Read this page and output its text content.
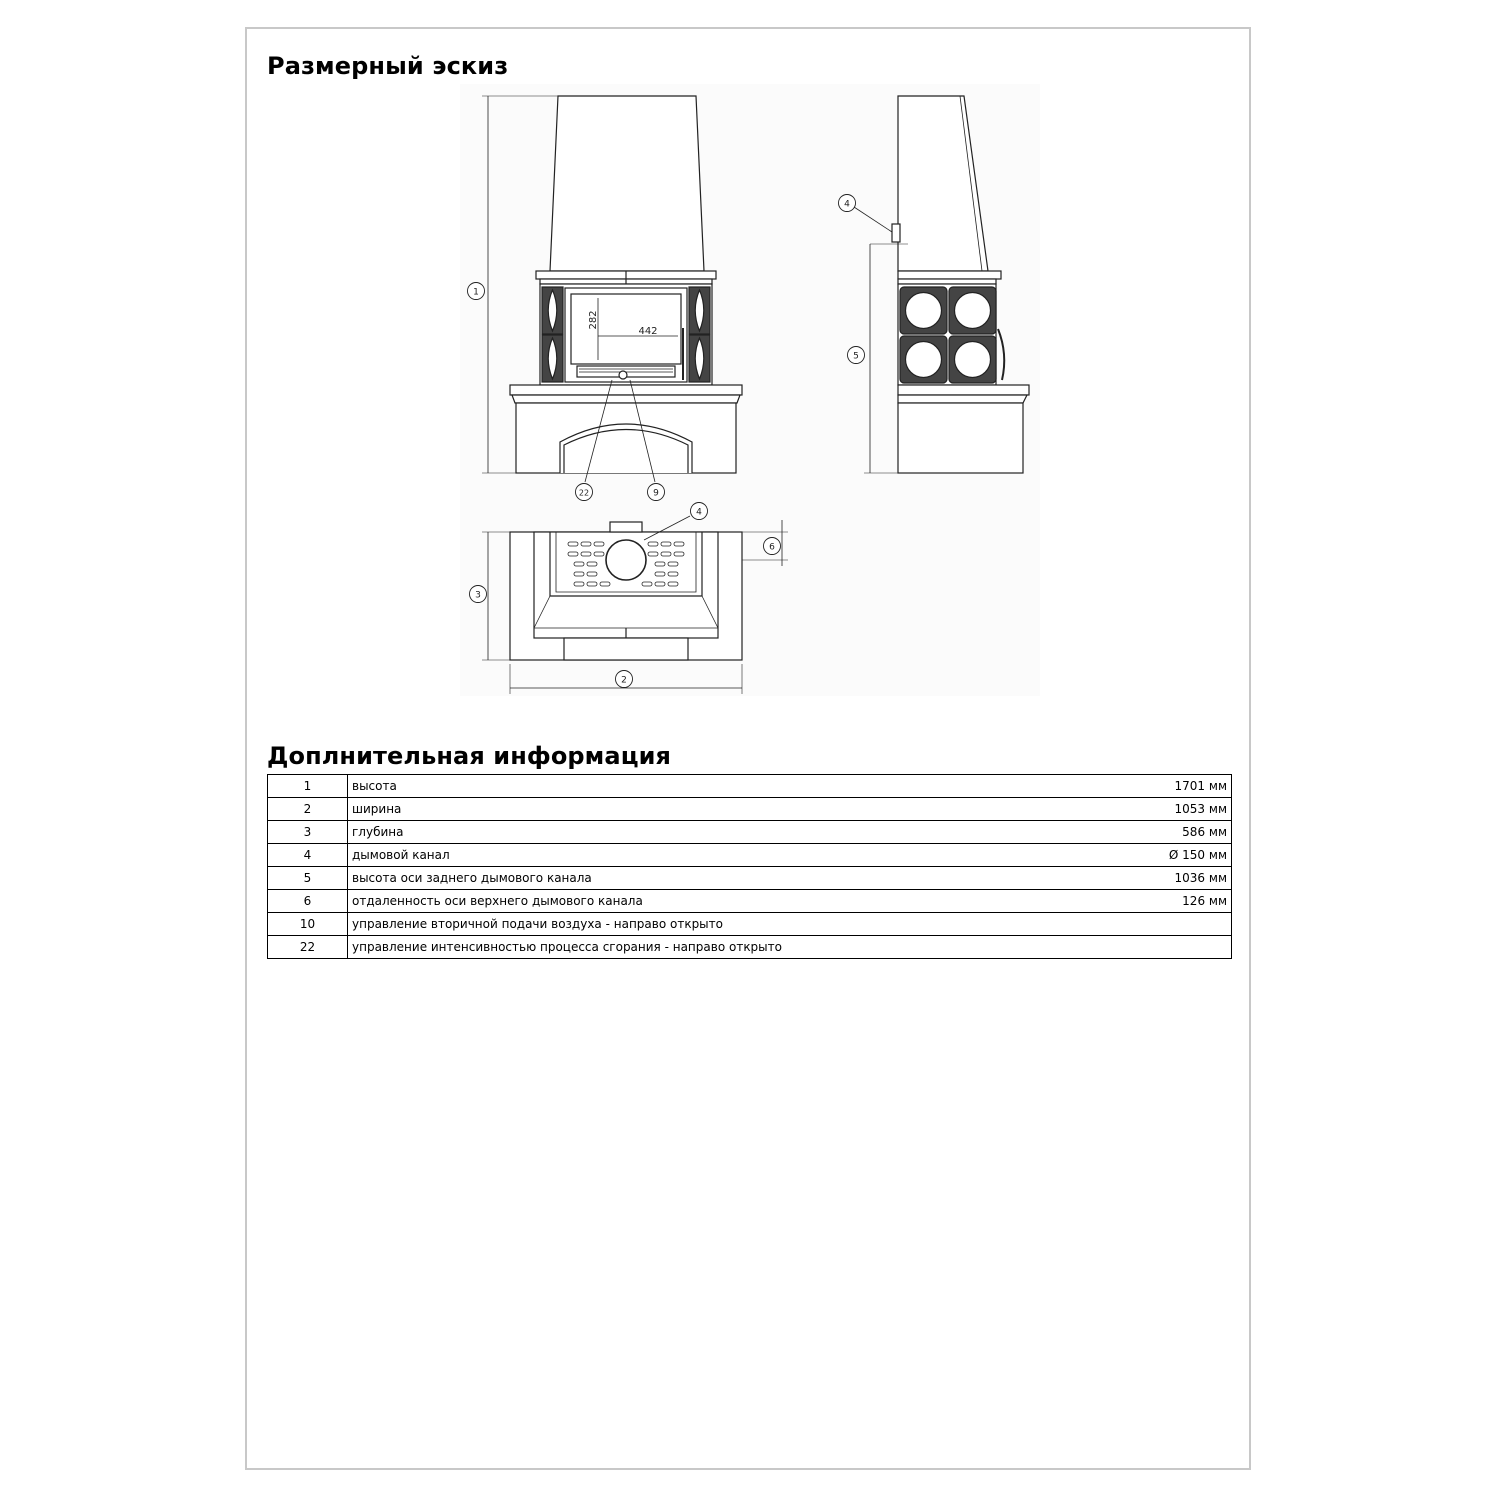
Размерный эскиз
282
442
1
22	9
4
5
3
4
6
2
Доплнительная информация
1	высота	1701 мм
2	ширина	1053 мм
3	глубина	586 мм
4	дымовой канал	Ø 150 мм
5	высота оси заднего дымового канала	1036 мм
6	отдаленность оси верхнего дымового канала	126 мм
10	управление вторичной подачи воздуха - направо открыто	
22	управление интенсивностью процесса сгорания - направо открыто	
